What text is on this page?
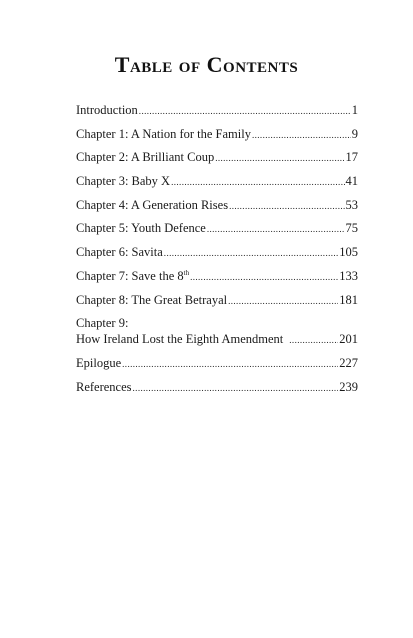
Table of Contents
Introduction .....	1
Chapter 1: A Nation for the Family .....	9
Chapter 2: A Brilliant Coup .....	17
Chapter 3: Baby X .....	41
Chapter 4: A Generation Rises .....	53
Chapter 5: Youth Defence .....	75
Chapter 6: Savita .....	105
Chapter 7: Save the 8th .....	133
Chapter 8: The Great Betrayal .....	181
Chapter 9:
How Ireland Lost the Eighth Amendment .....	201
Epilogue .....	227
References .....	239
